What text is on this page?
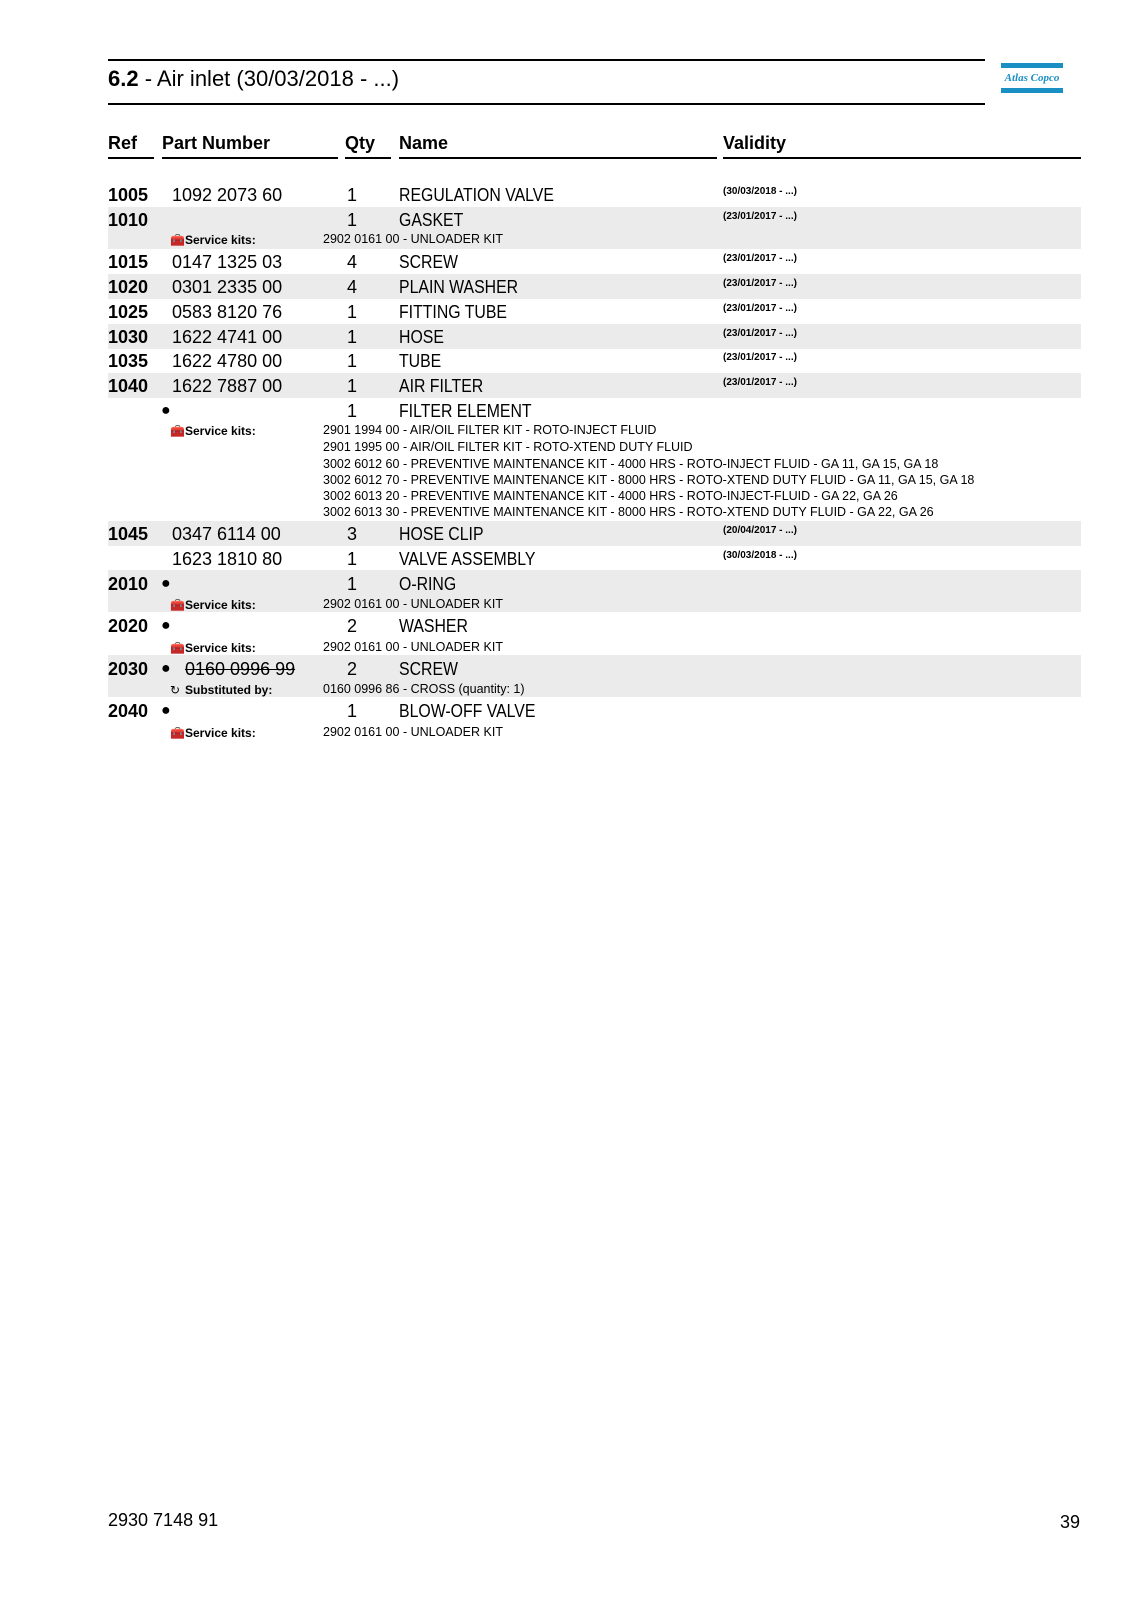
6.2 - Air inlet (30/03/2018 - ...)	Atlas Copco
Ref Part Number	Qty Name	Validity
1005 1092 2073 60	1 REGULATION VALVE	(30/03/2018 - ...)
1010	1 GASKET	(23/01/2017 - ...)
🧰Service kits:	2902 0161 00 - UNLOADER KIT
1015 0147 1325 03	4 SCREW	(23/01/2017 - ...)
1020 0301 2335 00	4 PLAIN WASHER	(23/01/2017 - ...)
1025 0583 8120 76	1 FITTING TUBE	(23/01/2017 - ...)
1030 1622 4741 00	1 HOSE	(23/01/2017 - ...)
1035 1622 4780 00	1 TUBE	(23/01/2017 - ...)
1040 1622 7887 00	1 AIR FILTER	(23/01/2017 - ...)
●	1 FILTER ELEMENT
🧰Service kits:	2901 1994 00 - AIR/OIL FILTER KIT - ROTO-INJECT FLUID
2901 1995 00 - AIR/OIL FILTER KIT - ROTO-XTEND DUTY FLUID
3002 6012 60 - PREVENTIVE MAINTENANCE KIT - 4000 HRS - ROTO-INJECT FLUID - GA 11, GA 15, GA 18
3002 6012 70 - PREVENTIVE MAINTENANCE KIT - 8000 HRS - ROTO-XTEND DUTY FLUID - GA 11, GA 15, GA 18
3002 6013 20 - PREVENTIVE MAINTENANCE KIT - 4000 HRS - ROTO-INJECT-FLUID - GA 22, GA 26
3002 6013 30 - PREVENTIVE MAINTENANCE KIT - 8000 HRS - ROTO-XTEND DUTY FLUID - GA 22, GA 26
1045 0347 6114 00	3 HOSE CLIP	(20/04/2017 - ...)
1623 1810 80	1 VALVE ASSEMBLY	(30/03/2018 - ...)
2010 ●	1 O-RING
🧰Service kits:	2902 0161 00 - UNLOADER KIT
2020 ●	2 WASHER
🧰Service kits:	2902 0161 00 - UNLOADER KIT
2030 ● 0160 0996 99	2 SCREW
↻ Substituted by:	0160 0996 86 - CROSS (quantity: 1)
2040 ●	1 BLOW-OFF VALVE
🧰Service kits:	2902 0161 00 - UNLOADER KIT
2930 7148 91	39
